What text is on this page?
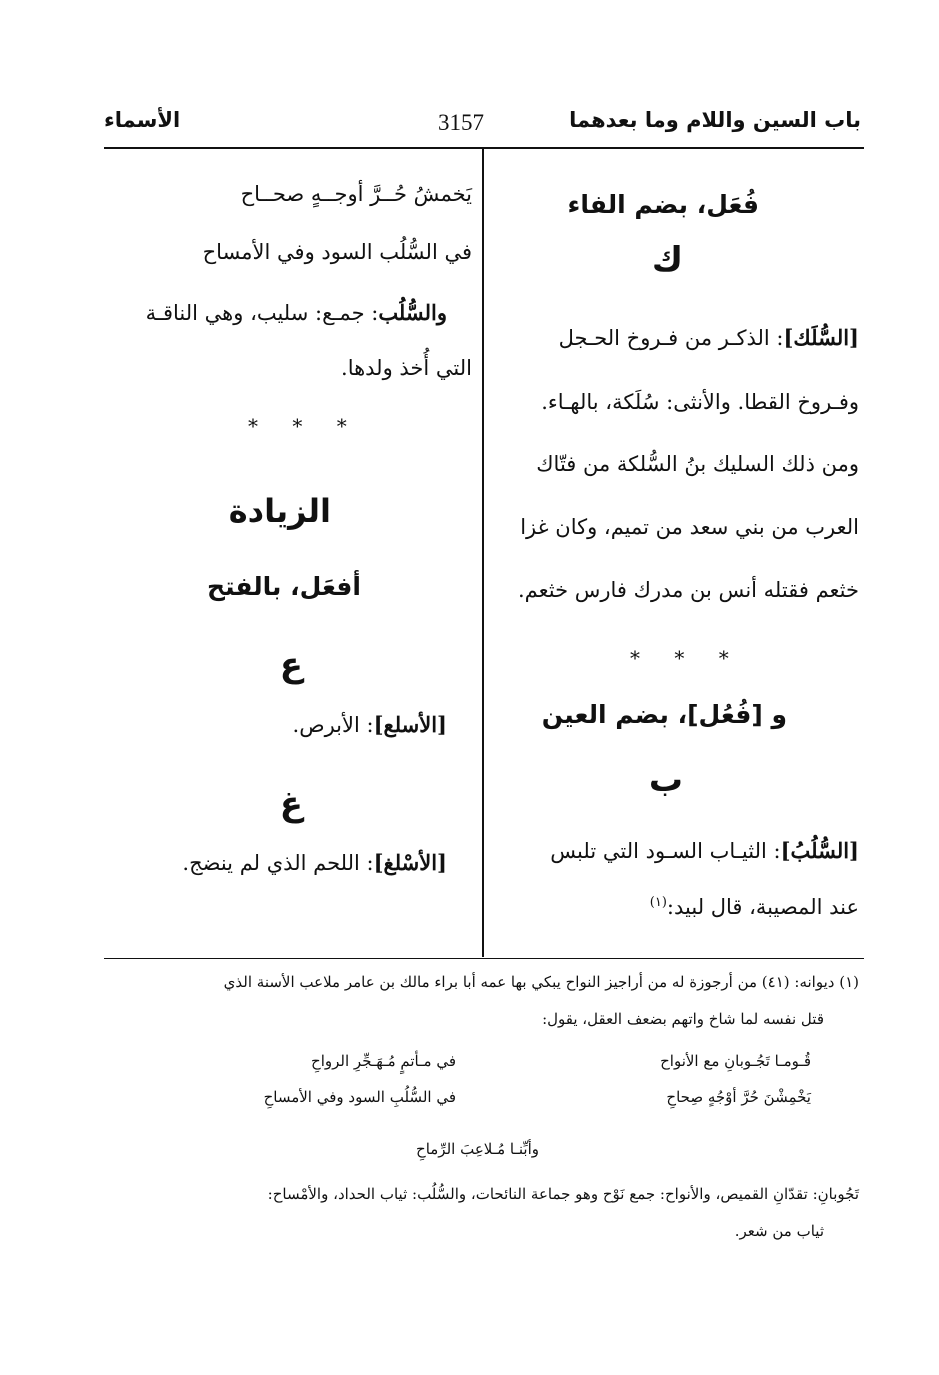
باب السين واللام وما بعدهما
3157
الأسماء
فُعَل، بضم الفاء
ك
[السُّلَك]: الذكـر من فـروخ الحـجل
وفـروخ القطا. والأنثى: سُلَكة، بالهـاء.
ومن ذلك السليك بنُ السُّلكة من فتّاك
العرب من بني سعد من تميم، وكان غزا
خثعم فقتله أنس بن مدرك فارس خثعم.
* * *
و [فُعُل]، بضم العين
ب
[السُّلُبُ]: الثيـاب السـود التي تلبس
عند المصيبة، قال لبيد:$^{(١)}$
يَخمشُ حُــرَّ أوجــهٍ صحــاح
في السُّلُب السود وفي الأمساح
والسُّلُب: جمـع: سليب، وهي الناقـة
التي أُخذ ولدها.
* * *
الزيادة
أفعَل، بالفتح
ع
[الأسلع]: الأبرص.
غ
[الأسْلغ]: اللحم الذي لم ينضج.
(١) ديوانه: (٤١) من أرجوزة له من أراجيز النواح يبكي بها عمه أبا براء مالك بن عامر ملاعب الأسنة الذي
قتل نفسه لما شاخ واتهم بضعف العقل، يقول:
قُـومـا تَجُـوبانِ مع الأنواح
في مـأتمٍ مُـهَـجِّرِ الرواحِ
يَخْمِشْنَ حُرَّ أوْجُهٍ صِحاحِ
في السُّلُبِ السود وفي الأمساحِ
وأبِّنـا مُـلاعِبَ الرِّماحِ
تَجُوبانِ: تقدّانِ القميص، والأنواح: جمع نَوْح وهو جماعة النائحات، والسُّلُب: ثياب الحداد، والأمْساح:
ثياب من شعر.
